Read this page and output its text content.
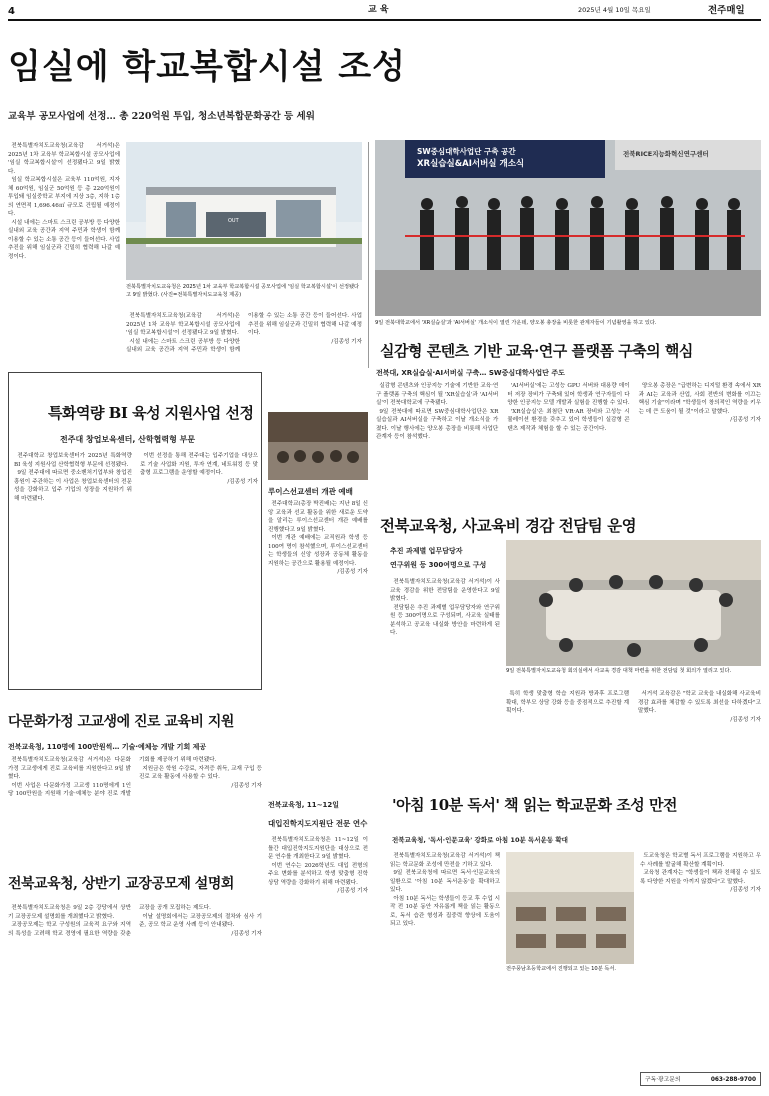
4	교 육	2025년 4월 10일 목요일	전주매일
임실에 학교복합시설 조성
교육부 공모사업에 선정… 총 220억원 투입, 청소년복합문화공간 등 세워

전북특별자치도교육청(교육감 서거석)은 2025년 1차 교육부 학교복합시설 공모사업에 '임실 학교복합시설'이 선정됐다고 9일 밝혔다.

임실 학교복합시설은 교육부 110억원, 지자체 60억원, 임실군 50억원 등 총 220억원이 투입돼 임실중학교 부지에 지상 3층, 지하 1층의 연면적 1,696.46㎡ 규모로 건립될 예정이다.

시설 내에는 스마트 스크린 공부방 등 다양한 실내외 교육 공간과 지역 주민과 학생이 함께 이용할 수 있는 소통 공간 등이 들어선다. 사업 추진을 위해 임실군과 긴밀히 협력해 나갈 예정이다.

OUT
전북특별자치도교육청은 2025년 1차 교육부 학교복합시설 공모사업에 '임실 학교복합시설'이 선정됐다고 9일 밝혔다. (사진=전북특별자치도교육청 제공)

전북특별자치도교육청(교육감 서거석)은 2025년 1차 교육부 학교복합시설 공모사업에 '임실 학교복합시설'이 선정됐다고 9일 밝혔다.

시설 내에는 스마트 스크린 공부방 등 다양한 실내외 교육 공간과 지역 주민과 학생이 함께 이용할 수 있는 소통 공간 등이 들어선다. 사업 추진을 위해 임실군과 긴밀히 협력해 나갈 예정이다.

/김종성 기자
SW중심대학사업단 구축 공간
XR실습실&AI서버실 개소식
전북RICE지능화혁신연구센터
9일 전북대학교에서 'XR실습실'과 'AI서버실' 개소식이 열린 가운데, 양오봉 총장을 비롯한 관계자들이 기념촬영을 하고 있다.
실감형 콘텐츠 기반 교육·연구 플랫폼 구축의 핵심
전북대, XR실습실·AI서버실 구축… SW중심대학사업단 주도

실감형 콘텐츠와 인공지능 기술에 기반한 교육·연구 플랫폼 구축의 핵심이 될 'XR실습실'과 'AI서버실'이 전북대학교에 구축됐다.

9일 전북대에 따르면 SW중심대학사업단은 XR실습실과 AI서버실을 구축하고 이날 개소식을 가졌다. 이날 행사에는 양오봉 총장을 비롯해 사업단 관계자 등이 참석했다.

'AI서버실'에는 고성능 GPU 서버와 대용량 데이터 저장 장비가 구축돼 있어 학생과 연구자들이 다양한 인공지능 모델 개발과 실험을 진행할 수 있다.

'XR실습실'은 최첨단 VR·AR 장비와 고성능 시뮬레이션 환경을 갖추고 있어 학생들이 실감형 콘텐츠 제작과 체험을 할 수 있는 공간이다.

양오봉 총장은 "급변하는 디지털 환경 속에서 XR과 AI는 교육과 산업, 사회 전반의 변화를 이끄는 핵심 기술"이라며 "학생들이 창의적인 역량을 키우는 데 큰 도움이 될 것"이라고 말했다.

/김종성 기자
특화역량 BI 육성 지원사업 선정
전주대 창업보육센터, 산학협력형 부문

전주대학교 창업보육센터가 2025년 특화역량 BI 육성 지원사업 산학협력형 부문에 선정됐다.

9일 전주대에 따르면 중소벤처기업부와 창업진흥원이 주관하는 이 사업은 창업보육센터의 전문성을 강화하고 입주 기업의 성장을 지원하기 위해 마련됐다.

이번 선정을 통해 전주대는 입주기업을 대상으로 기술 사업화 지원, 투자 연계, 네트워킹 등 맞춤형 프로그램을 운영할 예정이다.

/김종성 기자
루이스선교센터 개관 예배

전주대학교(총장 박진배)는 지난 8일 신앙 교육과 선교 활동을 위한 새로운 도약을 알리는 루이스선교센터 개관 예배를 진행했다고 9일 밝혔다.

이번 개관 예배에는 교직원과 학생 등 100여 명이 참석했으며, 루이스선교센터는 학생들의 신앙 성장과 공동체 활동을 지원하는 공간으로 활용될 예정이다.

/김종성 기자
전북교육청, 사교육비 경감 전담팀 운영
추진 과제별 업무담당자
연구위원 등 300여명으로 구성

전북특별자치도교육청(교육감 서거석)이 사교육 경감을 위한 전담팀을 운영한다고 9일 밝혔다.

전담팀은 추진 과제별 업무담당자와 연구위원 등 300여명으로 구성되며, 사교육 실태를 분석하고 공교육 내실화 방안을 마련하게 된다.

9일 전북특별자치도교육청 회의실에서 사교육 경감 대책 마련을 위한 전담팀 첫 회의가 열리고 있다.

특히 학생 맞춤형 학습 지원과 방과후 프로그램 확대, 학부모 상담 강화 등을 중점적으로 추진할 계획이다.

서거석 교육감은 "학교 교육을 내실화해 사교육비 경감 효과를 체감할 수 있도록 최선을 다하겠다"고 말했다.

/김종성 기자
다문화가정 고교생에 진로 교육비 지원
전북교육청, 110명에 100만원씩… 기술·예체능 개발 기회 제공

전북특별자치도교육청(교육감 서거석)은 다문화가정 고교생에게 진로 교육비를 지원한다고 9일 밝혔다.

이번 사업은 다문화가정 고교생 110명에게 1인당 100만원을 지원해 기술·예체능 분야 진로 개발 기회를 제공하기 위해 마련됐다.

지원금은 학원 수강료, 자격증 취득, 교재 구입 등 진로 교육 활동에 사용할 수 있다.

/김종성 기자
전북교육청, 11~12일
대입진학지도지원단 전문 연수

전북특별자치도교육청은 11~12일 이틀간 대입진학지도지원단을 대상으로 전문 연수를 개최한다고 9일 밝혔다.

이번 연수는 2026학년도 대입 전형의 주요 변화를 분석하고 학생 맞춤형 진학 상담 역량을 강화하기 위해 마련됐다.

/김종성 기자
'아침 10분 독서' 책 읽는 학교문화 조성 만전
전북교육청, '독서·인문교육' 강화로 아침 10분 독서운동 확대

전북특별자치도교육청(교육감 서거석)이 책 읽는 학교문화 조성에 만전을 기하고 있다.

9일 전북교육청에 따르면 독서·인문교육의 일환으로 '아침 10분 독서운동'을 확대하고 있다.

아침 10분 독서는 학생들이 등교 후 수업 시작 전 10분 동안 자유롭게 책을 읽는 활동으로, 독서 습관 형성과 집중력 향상에 도움이 되고 있다.

전주풍남초등학교에서 진행되고 있는 10분 독서.

도교육청은 학교별 독서 프로그램을 지원하고 우수 사례를 발굴해 확산할 계획이다.

교육청 관계자는 "학생들이 책과 친해질 수 있도록 다양한 지원을 아끼지 않겠다"고 말했다.

/김종성 기자
전북교육청, 상반기 교장공모제 설명회

전북특별자치도교육청은 9일 2층 강당에서 상반기 교장공모제 설명회를 개최했다고 밝혔다.

교장공모제는 학교 구성원의 교육적 요구와 지역의 특성을 고려해 학교 경영에 필요한 역량을 갖춘 교장을 공개 모집하는 제도다.

이날 설명회에서는 교장공모제의 절차와 심사 기준, 공모 학교 운영 사례 등이 안내됐다.

/김종성 기자
구독·광고문의	063-288-9700
